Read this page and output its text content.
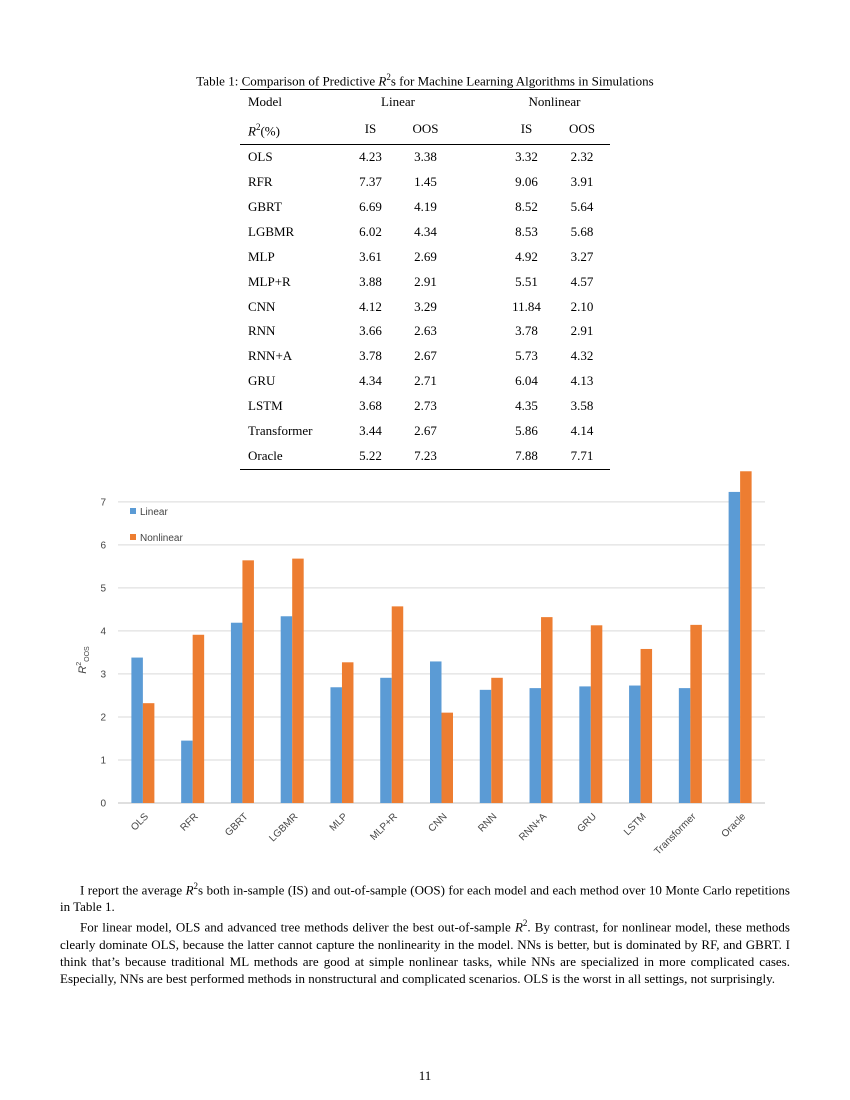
Table 1: Comparison of Predictive $R^2s$ for Machine Learning Algorithms in Simulations
Model	Linear			Nonlinear	
$R^2(\%)$	IS	OOS		IS	OOS
OLS	4.23	3.38		3.32	2.32
RFR	7.37	1.45		9.06	3.91
GBRT	6.69	4.19		8.52	5.64
LGBMR	6.02	4.34		8.53	5.68
MLP	3.61	2.69		4.92	3.27
MLP+R	3.88	2.91		5.51	4.57
CNN	4.12	3.29		11.84	2.10
RNN	3.66	2.63		3.78	2.91
RNN+A	3.78	2.67		5.73	4.32
GRU	4.34	2.71		6.04	4.13
LSTM	3.68	2.73		4.35	3.58
Transformer	3.44	2.67		5.86	4.14
Oracle	5.22	7.23		7.88	7.71
0
1
2
3
4
5
6
7
OLS	RFR GBRT LGBMR	MLP MLP+R	CNN	RNN RNN+A	GRU LSTM Transformer Oracle
Linear
Nonlinear
$R^2_{OOS}$

I report the average $R^2s$ both in-sample (IS) and out-of-sample (OOS) for each model and each method over 10 Monte Carlo repetitions in Table 1.

For linear model, OLS and advanced tree methods deliver the best out-of-sample $R^2$. By contrast, for nonlinear model, these methods clearly dominate OLS, because the latter cannot capture the nonlinearity in the model. NNs is better, but is dominated by RF, and GBRT. I think that’s because traditional ML methods are good at simple nonlinear tasks, while NNs are specialized in more complicated cases. Especially, NNs are best performed methods in nonstructural and complicated scenarios. OLS is the worst in all settings, not surprisingly.

11
